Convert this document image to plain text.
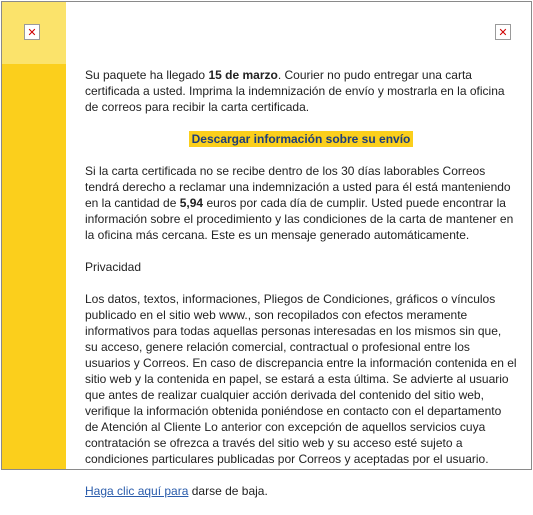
✕	✕

Su paquete ha llegado 15 de marzo. Courier no pudo entregar una carta certificada a usted. Imprima la indemnización de envío y mostrarla en la oficina de correos para recibir la carta certificada.

Descargar información sobre su envío

Si la carta certificada no se recibe dentro de los 30 días laborables Correos tendrá derecho a reclamar una indemnización a usted para él está manteniendo en la cantidad de 5,94 euros por cada día de cumplir. Usted puede encontrar la información sobre el procedimiento y las condiciones de la carta de mantener en la oficina más cercana. Este es un mensaje generado automáticamente.

Privacidad

Los datos, textos, informaciones, Pliegos de Condiciones, gráficos o vínculos publicado en el sitio web www., son recopilados con efectos meramente informativos para todas aquellas personas interesadas en los mismos sin que, su acceso, genere relación comercial, contractual o profesional entre los usuarios y Correos. En caso de discrepancia entre la información contenida en el sitio web y la contenida en papel, se estará a esta última. Se advierte al usuario que antes de realizar cualquier acción derivada del contenido del sitio web, verifique la información obtenida poniéndose en contacto con el departamento de Atención al Cliente Lo anterior con excepción de aquellos servicios cuya contratación se ofrezca a través del sitio web y su acceso esté sujeto a condiciones particulares publicadas por Correos y aceptadas por el usuario.

Haga clic aquí para darse de baja.
